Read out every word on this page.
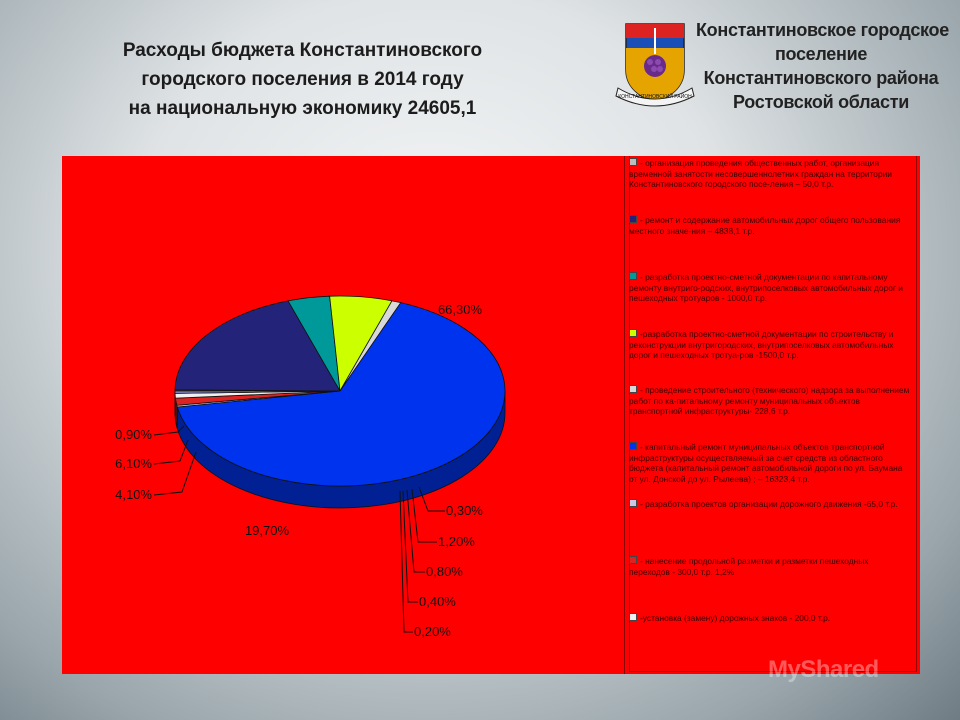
Расходы бюджета Константиновского
городского поселения в 2014 году
на национальную экономику 24605,1
КОНСТАНТИНОВСКИЙ РАЙОН
Константиновское городское
поселение
Константиновского района
Ростовской области
0,20%
19,70%
4,10%
6,10%
0,90%
66,30%
0,30%
1,20%
0,80%
0,40%
- организация проведения общественных работ, организация временной занятости несовершеннолетних граждан на территории Константиновского городского посе-ления – 50,0 т.р.
- ремонт и содержание автомобильных дорог общего пользования местного значе-ния – 4838,1 т.р.
- разработка проектно-сметной документации по капитальному ремонту внутриго-родских, внутрипоселковых автомобильных дорог и пешеходных тротуаров - 1000,0 т.р.
-разработка проектно-сметной документации по строительству и реконструкции внутригородских, внутрипоселковых автомобильных дорог и пешеходных тротуа-ров -1500,0 т.р.
- проведение строительного (технического) надзора за выполнением работ по ка-питальному ремонту муниципальных объектов транспортной инфраструктуры- 228,6 т.р.
- капитальный ремонт муниципальных объектов транспортной инфраструктуры осуществляемый за счет средств из областного бюджета (капитальный ремонт автомобильной дороги по ул. Баумана от ул. Донской до ул. Рылеева) ; – 16323,4 т.р.
- разработка проектов организации дорожного движения -65,0 т.р.
- нанесение продольной разметки и разметки пешеходных переходов - 300,0 т.р. 1,2%
-установка (замену) дорожных знаков - 200,0 т.р.
MyShared
